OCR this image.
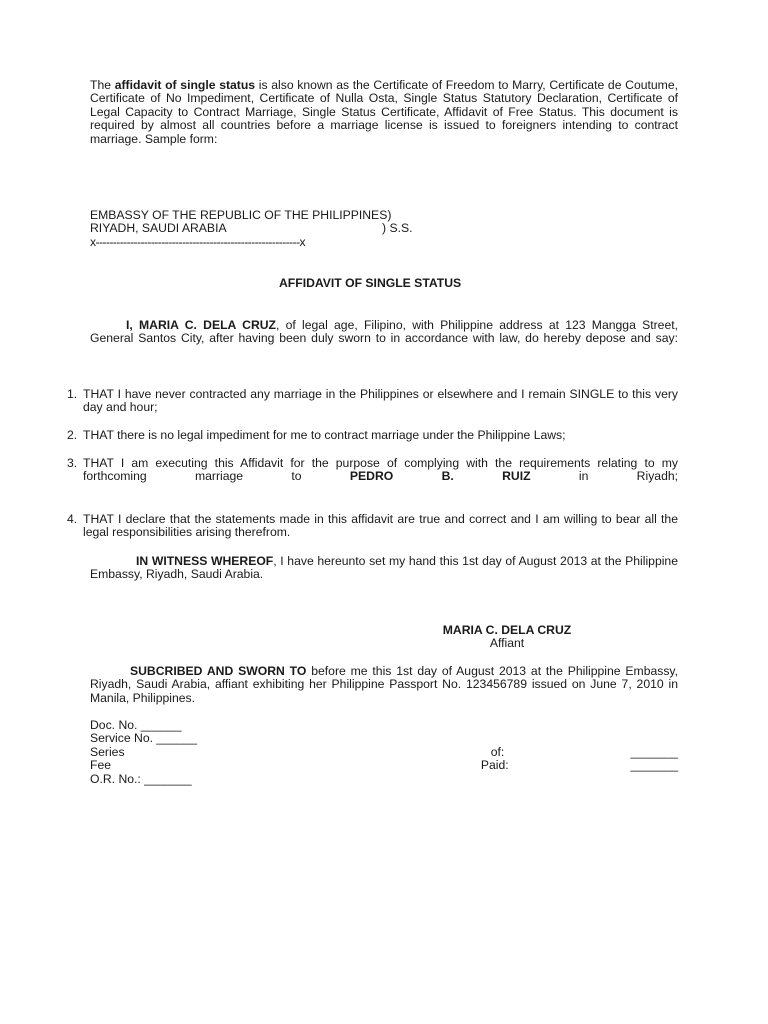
The affidavit of single status is also known as the Certificate of Freedom to Marry, Certificate de Coutume, Certificate of No Impediment, Certificate of Nulla Osta, Single Status Statutory Declaration, Certificate of Legal Capacity to Contract Marriage, Single Status Certificate, Affidavit of Free Status. This document is required by almost all countries before a marriage license is issued to foreigners intending to contract marriage. Sample form:
EMBASSY OF THE REPUBLIC OF THE PHILIPPINES)
RIYADH, SAUDI ARABIA	) S.S.
x-----------------------------------------------------------x
AFFIDAVIT OF SINGLE STATUS
I, MARIA C. DELA CRUZ, of legal age, Filipino, with Philippine address at 123 Mangga Street, General Santos City, after having been duly sworn to in accordance with law, do hereby depose and say:
1. THAT I have never contracted any marriage in the Philippines or elsewhere and I remain SINGLE to this very day and hour;
2. THAT there is no legal impediment for me to contract marriage under the Philippine Laws;
3. THAT I am executing this Affidavit for the purpose of complying with the requirements relating to my forthcoming marriage to	PEDRO B. RUIZ	in Riyadh;
4. THAT I declare that the statements made in this affidavit are true and correct and I am willing to bear all the legal responsibilities arising therefrom.
IN WITNESS WHEREOF, I have hereunto set my hand this 1st day of August 2013 at the Philippine Embassy, Riyadh, Saudi Arabia.
MARIA C. DELA CRUZ
Affiant
SUBCRIBED AND SWORN TO before me this 1st day of August 2013 at the Philippine Embassy, Riyadh, Saudi Arabia, affiant exhibiting her Philippine Passport No. 123456789 issued on June 7, 2010 in Manila, Philippines.
Doc. No. ______
Service No. ______
Series	of:	_______
Fee	Paid:	_______
O.R. No.: _______
